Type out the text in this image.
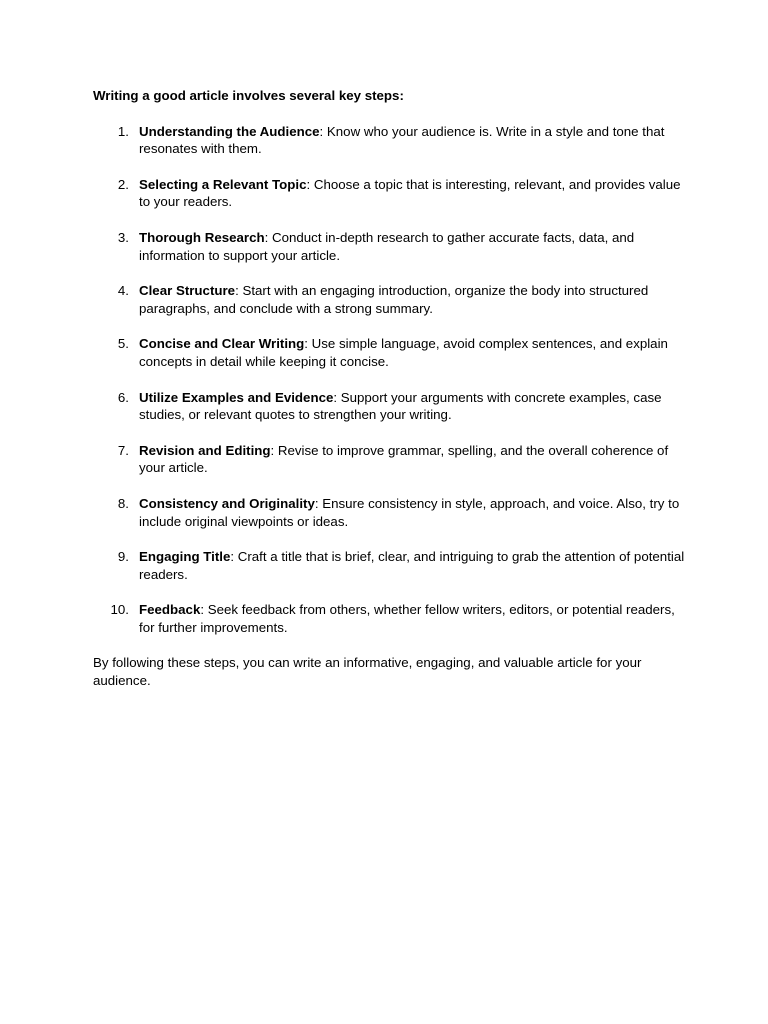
Writing a good article involves several key steps:

1. Understanding the Audience: Know who your audience is. Write in a style and tone that resonates with them.
2. Selecting a Relevant Topic: Choose a topic that is interesting, relevant, and provides value to your readers.
3. Thorough Research: Conduct in-depth research to gather accurate facts, data, and information to support your article.
4. Clear Structure: Start with an engaging introduction, organize the body into structured paragraphs, and conclude with a strong summary.
5. Concise and Clear Writing: Use simple language, avoid complex sentences, and explain concepts in detail while keeping it concise.
6. Utilize Examples and Evidence: Support your arguments with concrete examples, case studies, or relevant quotes to strengthen your writing.
7. Revision and Editing: Revise to improve grammar, spelling, and the overall coherence of your article.
8. Consistency and Originality: Ensure consistency in style, approach, and voice. Also, try to include original viewpoints or ideas.
9. Engaging Title: Craft a title that is brief, clear, and intriguing to grab the attention of potential readers.
10. Feedback: Seek feedback from others, whether fellow writers, editors, or potential readers, for further improvements.

By following these steps, you can write an informative, engaging, and valuable article for your audience.
